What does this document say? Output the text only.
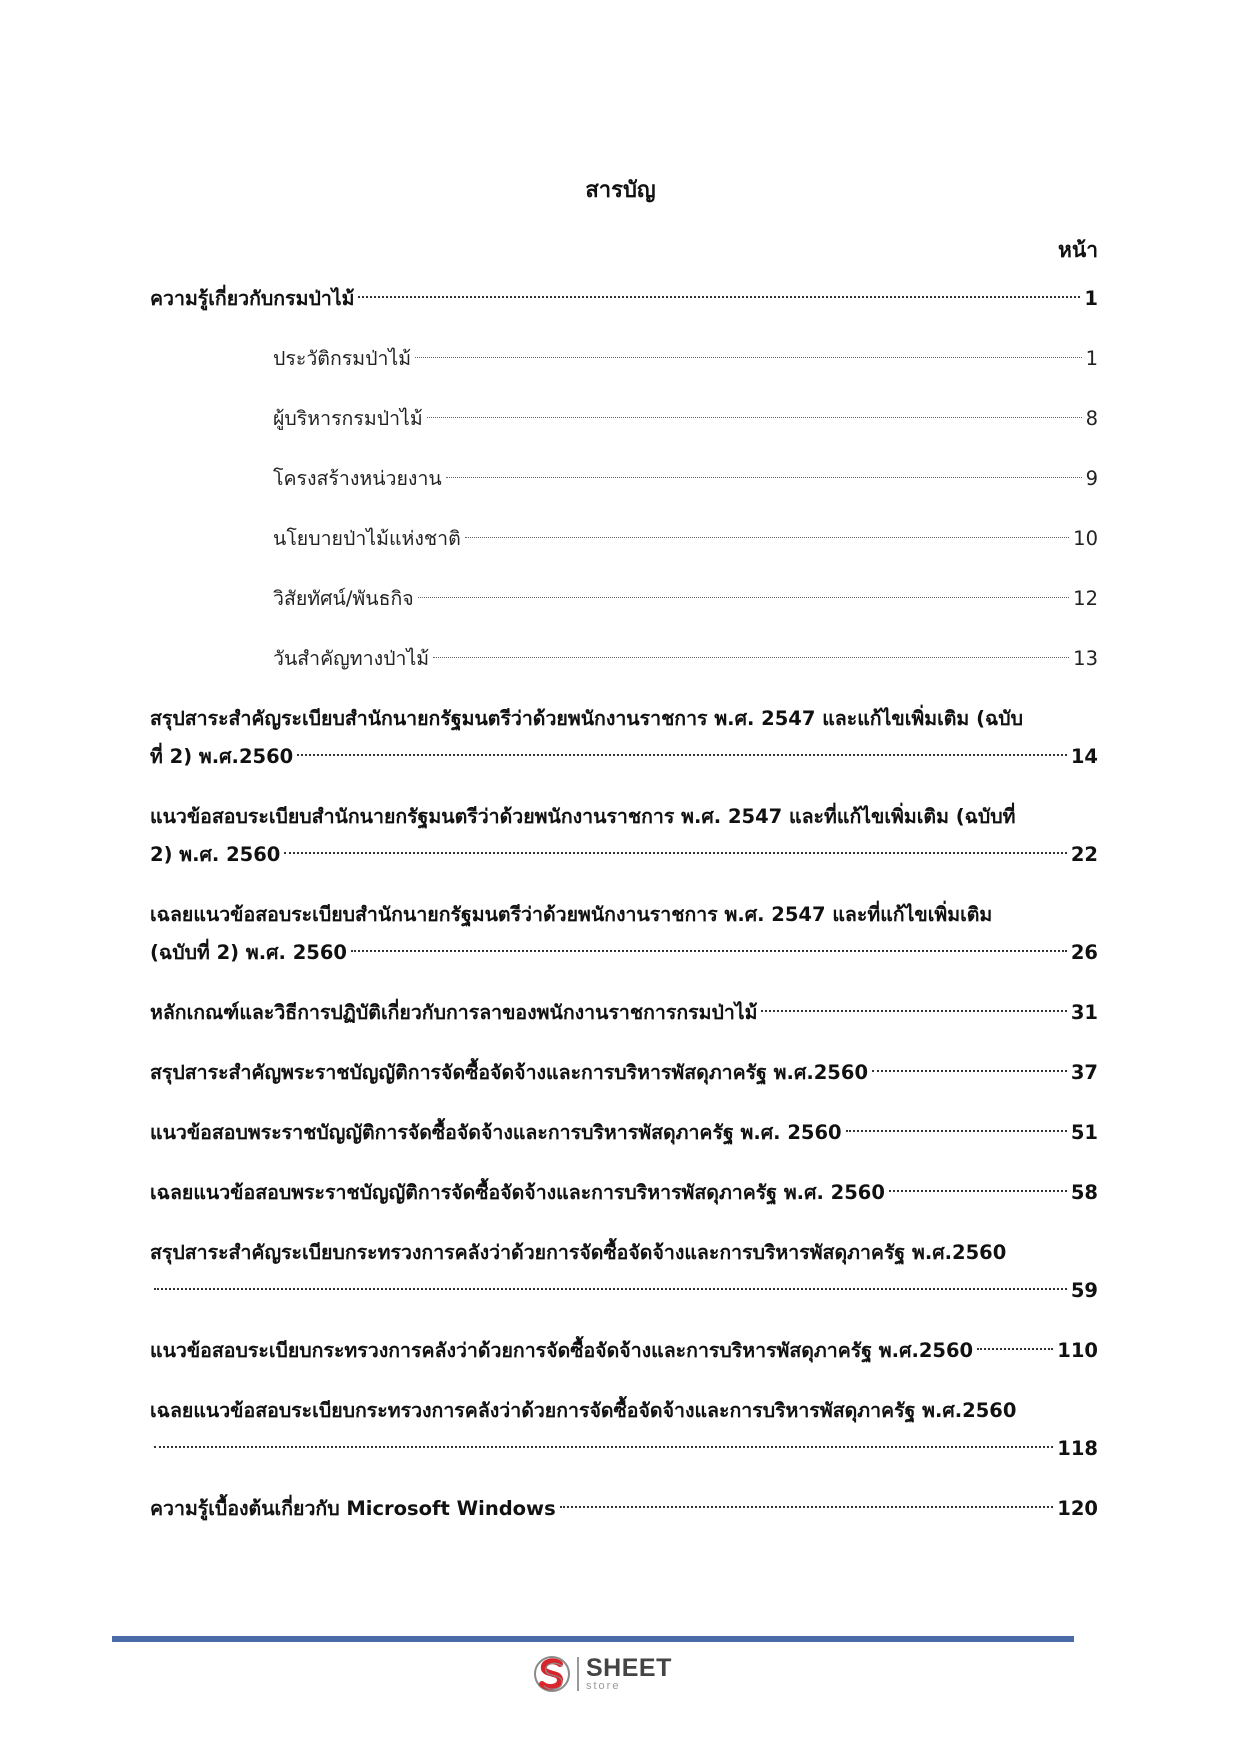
สารบัญ
หน้า
ความรู้เกี่ยวกับกรมป่าไม้	1
ประวัติกรมป่าไม้	1
ผู้บริหารกรมป่าไม้	8
โครงสร้างหน่วยงาน	9
นโยบายป่าไม้แห่งชาติ	10
วิสัยทัศน์/พันธกิจ	12
วันสำคัญทางป่าไม้	13
สรุปสาระสำคัญระเบียบสำนักนายกรัฐมนตรีว่าด้วยพนักงานราชการ พ.ศ. 2547 และแก้ไขเพิ่มเติม (ฉบับ
ที่ 2) พ.ศ.2560	14
แนวข้อสอบระเบียบสำนักนายกรัฐมนตรีว่าด้วยพนักงานราชการ พ.ศ. 2547 และที่แก้ไขเพิ่มเติม (ฉบับที่
2) พ.ศ. 2560	22
เฉลยแนวข้อสอบระเบียบสำนักนายกรัฐมนตรีว่าด้วยพนักงานราชการ พ.ศ. 2547 และที่แก้ไขเพิ่มเติม
(ฉบับที่ 2) พ.ศ. 2560	26
หลักเกณฑ์และวิธีการปฏิบัติเกี่ยวกับการลาของพนักงานราชการกรมป่าไม้	31
สรุปสาระสำคัญพระราชบัญญัติการจัดซื้อจัดจ้างและการบริหารพัสดุภาครัฐ พ.ศ.2560	37
แนวข้อสอบพระราชบัญญัติการจัดซื้อจัดจ้างและการบริหารพัสดุภาครัฐ พ.ศ. 2560	51
เฉลยแนวข้อสอบพระราชบัญญัติการจัดซื้อจัดจ้างและการบริหารพัสดุภาครัฐ พ.ศ. 2560	58
สรุปสาระสำคัญระเบียบกระทรวงการคลังว่าด้วยการจัดซื้อจัดจ้างและการบริหารพัสดุภาครัฐ พ.ศ.2560
59
แนวข้อสอบระเบียบกระทรวงการคลังว่าด้วยการจัดซื้อจัดจ้างและการบริหารพัสดุภาครัฐ พ.ศ.2560	110
เฉลยแนวข้อสอบระเบียบกระทรวงการคลังว่าด้วยการจัดซื้อจัดจ้างและการบริหารพัสดุภาครัฐ พ.ศ.2560
118
ความรู้เบื้องต้นเกี่ยวกับ Microsoft Windows	120
SHEET
store
